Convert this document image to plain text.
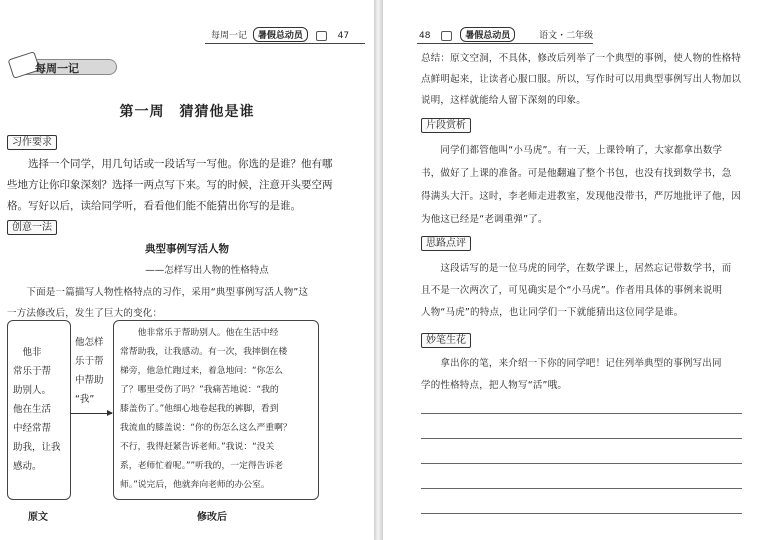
每周一记 暑假总动员	47
每周一记
第一周　猜猜他是谁
习作要求
　　选择一个同学，用几句话或一段话写一写他。你选的是谁？他有哪
些地方让你印象深刻？选择一两点写下来。写的时候，注意开头要空两
格。写好以后，读给同学听，看看他们能不能猜出你写的是谁。
创意一法
典型事例写活人物
——怎样写出人物的性格特点
　　下面是一篇描写人物性格特点的习作，采用“典型事例写活人物”这
一方法修改后，发生了巨大的变化：
　他非
常乐于帮
助别人。
他在生活
中经常帮
助我，让我
感动。
他怎样
乐于帮
中帮助
“我”
　　他非常乐于帮助别人。他在生活中经
常帮助我，让我感动。有一次，我摔倒在楼
梯旁，他急忙跑过来，着急地问：“你怎么
了？哪里受伤了吗？”我痛苦地说：“我的
膝盖伤了。”他细心地卷起我的裤脚，看到
我流血的膝盖说：“你的伤怎么这么严重啊？
不行，我得赶紧告诉老师。”我说：“没关
系，老师忙着呢。””听我的，一定得告诉老
师。”说完后，他就奔向老师的办公室。
原文	修改后
48	暑假总动员	语文・二年级
总结：原文空洞，不具体，修改后列举了一个典型的事例，使人物的性格特
点鲜明起来，让读者心服口服。所以，写作时可以用典型事例写出人物加以
说明，这样就能给人留下深刻的印象。
片段赏析
　　同学们都管他叫“小马虎”。有一天，上课铃响了，大家都拿出数学
书，做好了上课的准备。可是他翻遍了整个书包，也没有找到数学书，急
得满头大汗。这时，李老师走进教室，发现他没带书，严厉地批评了他，因
为他这已经是“老调重弹”了。
思路点评
　　这段话写的是一位马虎的同学，在数学课上，居然忘记带数学书，而
且不是一次两次了，可见确实是个“小马虎”。作者用具体的事例来说明
人物“马虎”的特点，也让同学们一下就能猜出这位同学是谁。
妙笔生花
　　拿出你的笔，来介绍一下你的同学吧！记住列举典型的事例写出同
学的性格特点，把人物写“活”哦。
